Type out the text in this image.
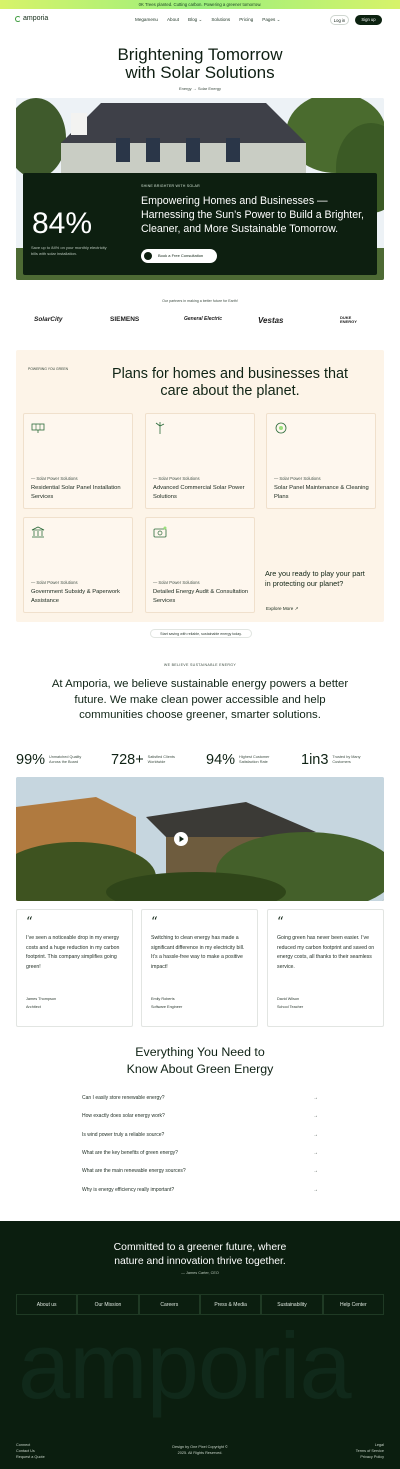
0K Trees planted. Cutting carbon. Powering a greener tomorrow.
amporia	Megamenu About Blog ⌄ Solutions Pricing Pages ⌄	Log in	Sign up
Brightening Tomorrow
with Solar Solutions
Energy → Solar Energy
84%
Save up to 84% on your monthly electricity bills with solar installation.
SHINE BRIGHTER WITH SOLAR
Empowering Homes and Businesses — Harnessing the Sun’s Power to Build a Brighter, Cleaner, and More Sustainable Tomorrow.
Book a Free Consultation
Our partners in making a better future for Earth!
SolarCity	SIEMENS	General Electric	Vestas	DUKE ENERGY
POWERING YOU GREEN	Plans for homes and businesses that care about the planet.
— Solar Power Solutions
Residential Solar Panel Installation Services
— Solar Power Solutions
Advanced Commercial Solar Power Solutions
— Solar Power Solutions
Solar Panel Maintenance & Cleaning Plans
— Solar Power Solutions
Government Subsidy & Paperwork Assistance
— Solar Power Solutions
Detailed Energy Audit & Consultation Services
Are you ready to play your part in protecting our planet?
Explore More ↗
Start saving with reliable, sustainable energy today.
WE BELIEVE SUSTAINABLE ENERGY
At Amporia, we believe sustainable energy powers a better future. We make clean power accessible and help communities choose greener, smarter solutions.
99% Unmatched Quality Across the Board	728+ Satisfied Clients Worldwide	94% Highest Customer Satisfaction Rate	1in3 Trusted by Many Customers
“
I’ve seen a noticeable drop in my energy costs and a huge reduction in my carbon footprint. This company simplifies going green!
James Thompson
Architect
“
Switching to clean energy has made a significant difference in my electricity bill. It’s a hassle-free way to make a positive impact!
Emily Roberts
Software Engineer
“
Going green has never been easier. I’ve reduced my carbon footprint and saved on energy costs, all thanks to their seamless service.
David Wilson
School Teacher
Everything You Need to
Know About Green Energy
Can I easily store renewable energy?	→
How exactly does solar energy work?	→
Is wind power truly a reliable source?	→
What are the key benefits of green energy?	→
What are the main renewable energy sources?	→
Why is energy efficiency really important?	→
amporia
Committed to a greener future, where
nature and innovation thrive together.
— James Carter, CEO
About us	Our Mission	Careers	Press & Media	Sustainability	Help Center
Connect
Contact Us
Request a Quote
Design by One Pixel Copyright ©
2025. All Rights Reserved.
Legal
Terms of Service
Privacy Policy
